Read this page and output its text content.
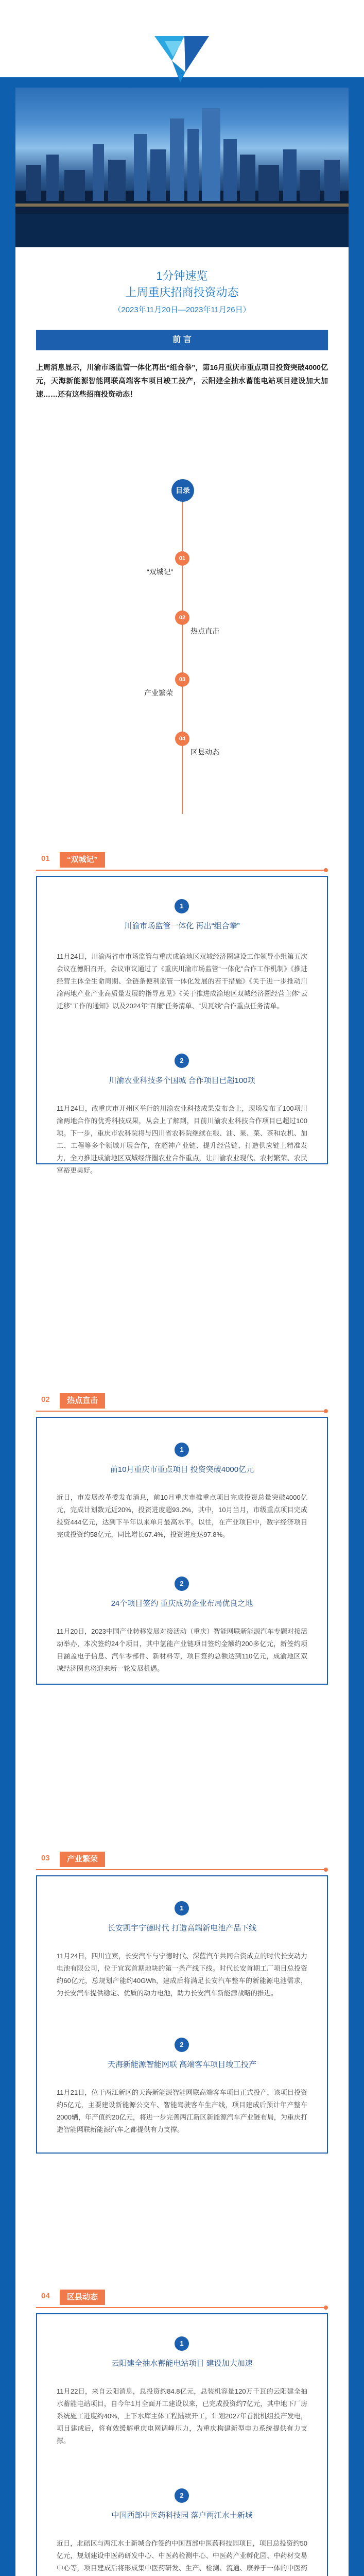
1分钟速览
上周重庆招商投资动态
（2023年11月20日—2023年11月26日）
前 言
上周消息显示，川渝市场监管一体化再出“组合拳”，第16月重庆市重点项目投资突破4000亿元，天海新能源智能网联高端客车项目竣工投产，云阳建全抽水蓄能电站项目建设加大加速……还有这些招商投资动态！
目录
01
“双城记”
02
热点直击
03
产业繁荣
04
区县动态
01	“双城记”
1
川渝市场监管一体化 再出“组合拳”
11月24日，川渝两省市市场监管与重庆成渝地区双城经济圈建设工作领导小组第五次会议在德阳召开，会议审议通过了《重庆川渝市场监管“一体化”合作工作机制》《推进经营主体全生命周期、全链条便利监管一体化发展的若干措施》《关于进一步推动川渝两地产业产业高质量发展的指导意见》《关于推进成渝地区双城经济圈经营主体“云迁移”工作的通知》以及2024年“百廉”任务清单、“贝瓦线”合作重点任务清单。
2
川渝农业科技多个国城 合作项目已超100项
11月24日，改重庆市开州区举行的川渝农业科技成果发布会上，现场发布了100项川渝两地合作的优秀科技成果，从会上了解到，目前川渝农业科技合作项目已超过100项。下一步，重庆市农科院将与四川省农科院继续在粮、油、果、菜、茶和农机、加工、工程等多个领域开展合作，在超神产业链、提升经营链、打造供应链上精准发力，全力推进成渝地区双城经济圈农业合作重点，让川渝农业现代、农村繁荣、农民富裕更美好。
02	热点直击
1
前10月重庆市重点项目 投资突破4000亿元
近日，市发展改革委发布消息，前10月重庆市推重点项目完成投资总量突破4000亿元，完成计划数元近20%，投资进度超93.2%，其中，10月当月，市级重点项目完成投资444亿元，达到下半年以来单月最高水平。以往，在产业项目中，数字经济项目完成投资约58亿元，同比增长67.4%，投资进度达97.8%。
2
24个项目签约 重庆成功企业布局优良之地
11月20日，2023中国产业转移发展对接活动（重庆）智能网联新能源汽车专题对接活动举办，本次签约24个项目，其中氢能产业链项目签约金额约200多亿元，新签约项目涵盖电子信息、汽车零部件、新材料等，项目签约总额达到110亿元，成渝地区双城经济圈也将迎来新一轮发展机遇。
03	产业繁荣
1
长安凯宇宁德时代 打造高端新电池产品下线
11月24日，四川宜宾，长安汽车与宁德时代、深蓝汽车共同合资成立的时代长安动力电池有限公司，位于宜宾首期地块的第一条产线下线。时代长安首期工厂项目总投资约60亿元，总规划产能约40GWh，建成后将满足长安汽车整车的新能源电池需求，为长安汽车提供稳定、优质的动力电池，助力长安汽车新能源战略的推进。
2
天海新能源智能网联 高端客车项目竣工投产
11月21日，位于两江新区的天海新能源智能网联高端客车项目正式投产，该项目投资约5亿元，主要建设新能源公交车、智能驾驶客车生产线，项目建成后预计年产整车2000辆，年产值约20亿元，将进一步完善两江新区新能源汽车产业链布局，为重庆打造智能网联新能源汽车之都提供有力支撑。
04	区县动态
1
云阳建全抽水蓄能电站项目 建设加大加速
11月22日，来自云阳消息，总投资约84.8亿元，总装机容量120万千瓦的云阳建全抽水蓄能电站项目，自今年1月全面开工建设以来，已完成投资约7亿元，其中地下厂房系统施工进度约40%，上下水库主体工程陆续开工，计划2027年首批机组投产发电，项目建成后，将有效缓解重庆电网调峰压力，为重庆构建新型电力系统提供有力支撑。
2
中国西部中医药科技园 落户两江水土新城
近日，北碚区与两江水土新城合作签约中国西部中医药科技园项目，项目总投资约50亿元，规划建设中医药研发中心、中医药检测中心、中医药产业孵化园、中药材交易中心等，项目建成后将形成集中医药研发、生产、检测、流通、康养于一体的中医药
